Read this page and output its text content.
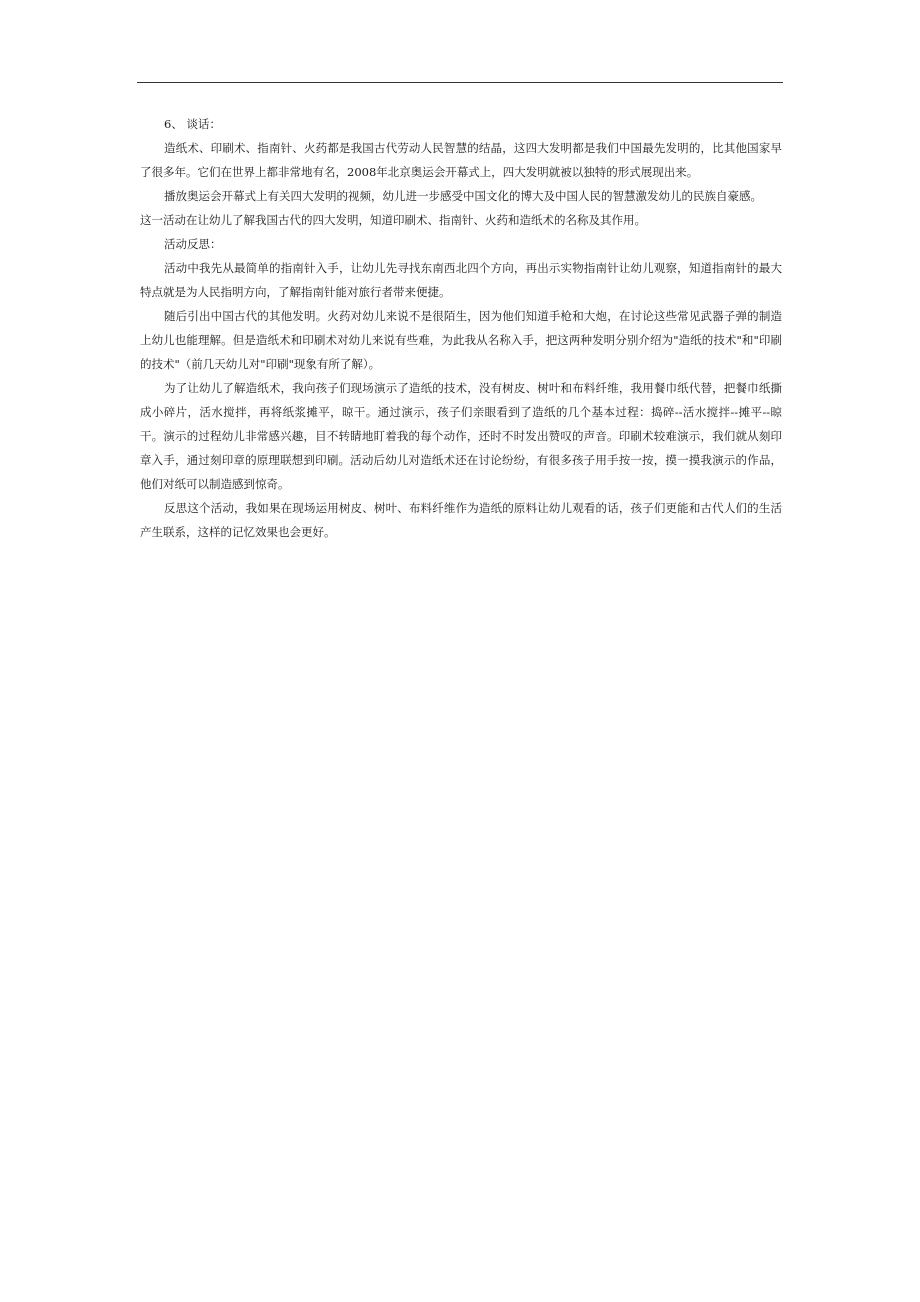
6、 谈话：

造纸术、印刷术、指南针、火药都是我国古代劳动人民智慧的结晶，这四大发明都是我们中国最先发明的，比其他国家早了很多年。它们在世界上都非常地有名，2008年北京奥运会开幕式上，四大发明就被以独特的形式展现出来。

播放奥运会开幕式上有关四大发明的视频，幼儿进一步感受中国文化的博大及中国人民的智慧激发幼儿的民族自豪感。

这一活动在让幼儿了解我国古代的四大发明，知道印刷术、指南针、火药和造纸术的名称及其作用。

活动反思：

活动中我先从最简单的指南针入手，让幼儿先寻找东南西北四个方向，再出示实物指南针让幼儿观察，知道指南针的最大特点就是为人民指明方向，了解指南针能对旅行者带来便捷。

随后引出中国古代的其他发明。火药对幼儿来说不是很陌生，因为他们知道手枪和大炮，在讨论这些常见武器子弹的制造上幼儿也能理解。但是造纸术和印刷术对幼儿来说有些难，为此我从名称入手，把这两种发明分别介绍为"造纸的技术"和"印刷的技术"（前几天幼儿对"印刷"现象有所了解）。

为了让幼儿了解造纸术，我向孩子们现场演示了造纸的技术，没有树皮、树叶和布料纤维，我用餐巾纸代替，把餐巾纸撕成小碎片，活水搅拌，再将纸浆摊平，晾干。通过演示，孩子们亲眼看到了造纸的几个基本过程：捣碎--活水搅拌--摊平--晾干。演示的过程幼儿非常感兴趣，目不转睛地盯着我的每个动作，还时不时发出赞叹的声音。印刷术较难演示，我们就从刻印章入手，通过刻印章的原理联想到印刷。活动后幼儿对造纸术还在讨论纷纷，有很多孩子用手按一按，摸一摸我演示的作品，他们对纸可以制造感到惊奇。

反思这个活动，我如果在现场运用树皮、树叶、布料纤维作为造纸的原料让幼儿观看的话，孩子们更能和古代人们的生活产生联系，这样的记忆效果也会更好。
